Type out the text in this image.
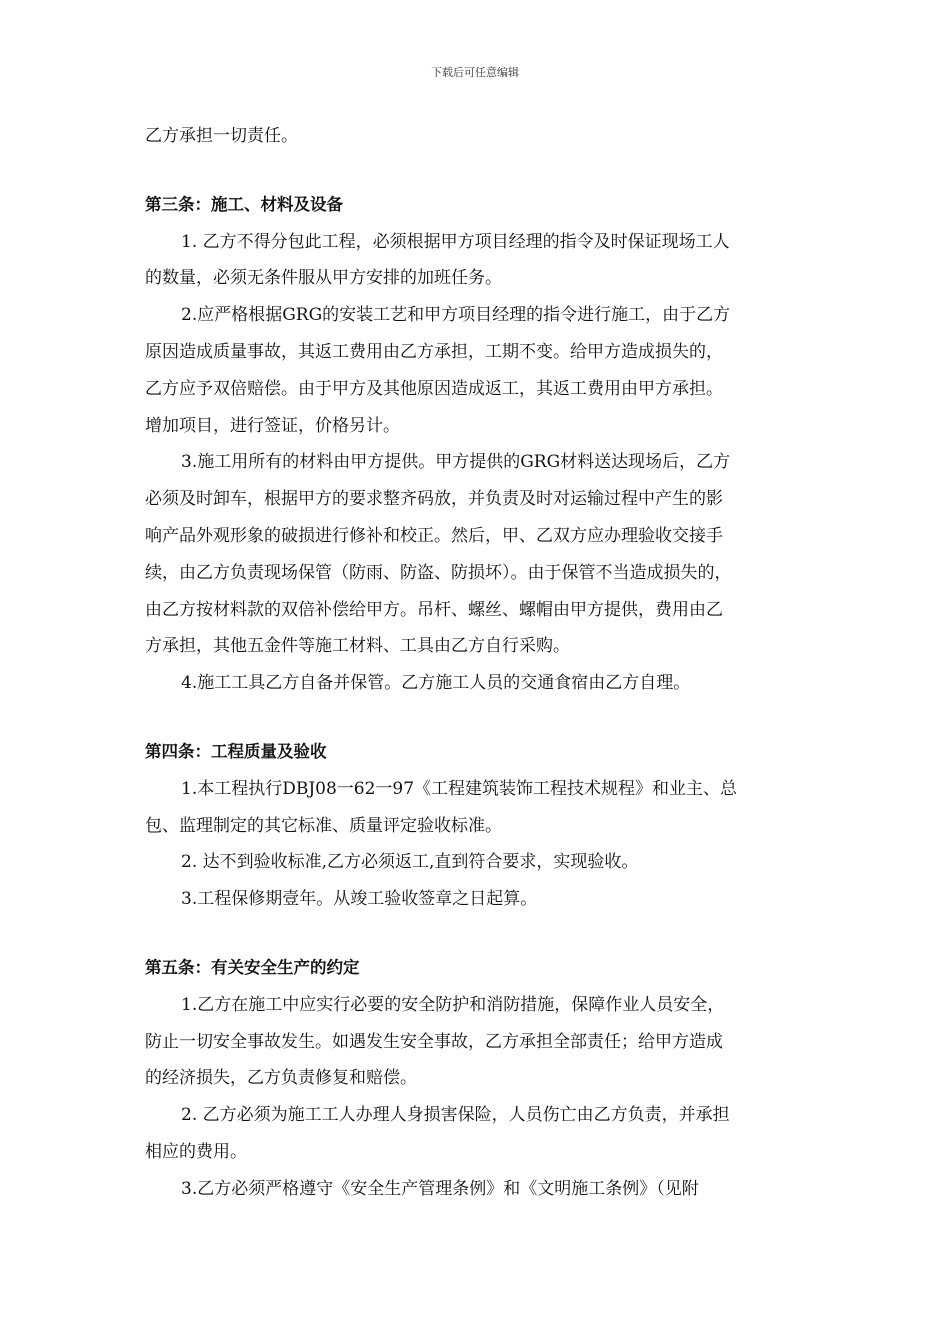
下载后可任意编辑
乙方承担一切责任。
第三条：施工、材料及设备
1. 乙方不得分包此工程，必须根据甲方项目经理的指令及时保证现场工人
的数量，必须无条件服从甲方安排的加班任务。
2.应严格根据GRG的安装工艺和甲方项目经理的指令进行施工，由于乙方
原因造成质量事故，其返工费用由乙方承担，工期不变。给甲方造成损失的，
乙方应予双倍赔偿。由于甲方及其他原因造成返工，其返工费用由甲方承担。
增加项目，进行签证，价格另计。
3.施工用所有的材料由甲方提供。甲方提供的GRG材料送达现场后，乙方
必须及时卸车，根据甲方的要求整齐码放，并负责及时对运输过程中产生的影
响产品外观形象的破损进行修补和校正。然后，甲、乙双方应办理验收交接手
续，由乙方负责现场保管（防雨、防盗、防损坏）。由于保管不当造成损失的，
由乙方按材料款的双倍补偿给甲方。吊杆、螺丝、螺帽由甲方提供，费用由乙
方承担，其他五金件等施工材料、工具由乙方自行采购。
4.施工工具乙方自备并保管。乙方施工人员的交通食宿由乙方自理。
第四条：工程质量及验收
1.本工程执行DBJ08一62一97《工程建筑装饰工程技术规程》和业主、总
包、监理制定的其它标准、质量评定验收标准。
2. 达不到验收标准,乙方必须返工,直到符合要求，实现验收。
3.工程保修期壹年。从竣工验收签章之日起算。
第五条：有关安全生产的约定
1.乙方在施工中应实行必要的安全防护和消防措施，保障作业人员安全，
防止一切安全事故发生。如遇发生安全事故，乙方承担全部责任；给甲方造成
的经济损失，乙方负责修复和赔偿。
2. 乙方必须为施工工人办理人身损害保险，人员伤亡由乙方负责，并承担
相应的费用。
3.乙方必须严格遵守《安全生产管理条例》和《文明施工条例》（见附
